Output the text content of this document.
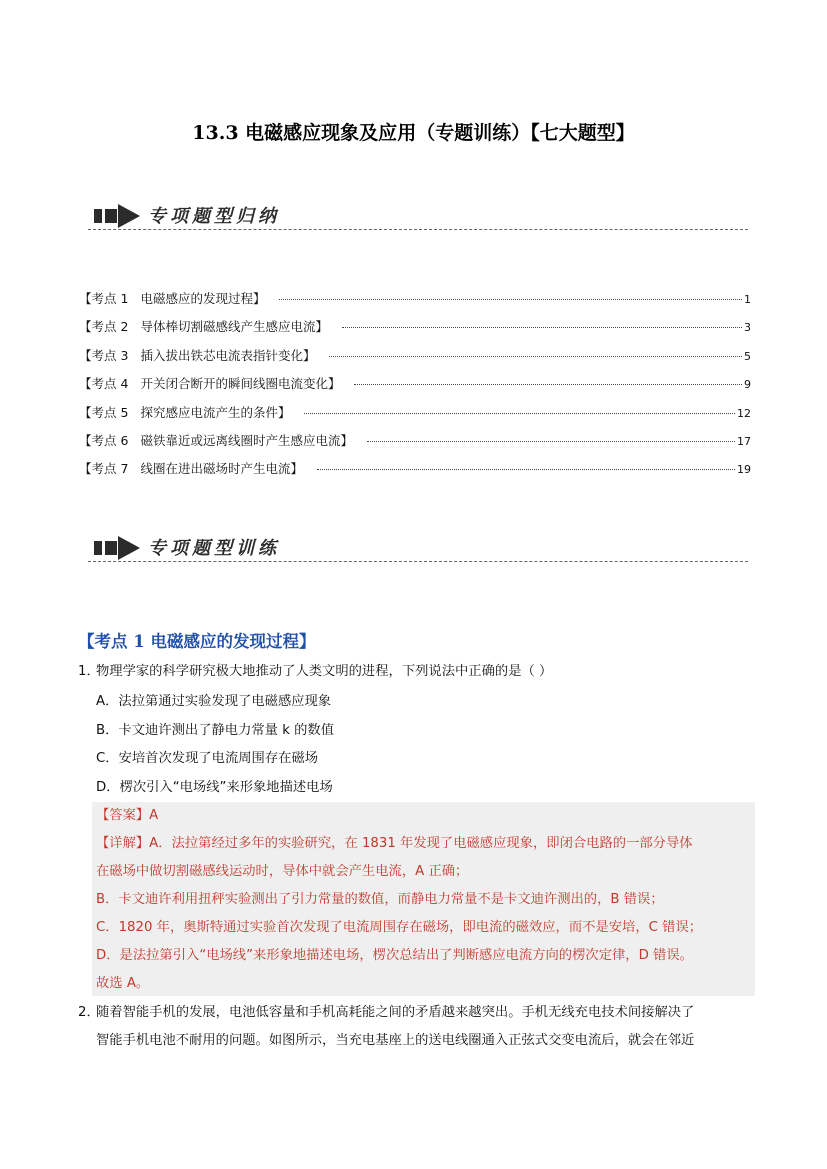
13.3 电磁感应现象及应用（专题训练）【七大题型】
专项题型归纳
【考点 1 电磁感应的发现过程】	1
【考点 2 导体棒切割磁感线产生感应电流】	3
【考点 3 插入拔出铁芯电流表指针变化】	5
【考点 4 开关闭合断开的瞬间线圈电流变化】	9
【考点 5 探究感应电流产生的条件】	12
【考点 6 磁铁靠近或远离线圈时产生感应电流】	17
【考点 7 线圈在进出磁场时产生电流】	19
专项题型训练
【考点 1 电磁感应的发现过程】
1．
物理学家的科学研究极大地推动了人类文明的进程，下列说法中正确的是（ ）
A．法拉第通过实验发现了电磁感应现象
B．卡文迪许测出了静电力常量 k 的数值
C．安培首次发现了电流周围存在磁场
D．楞次引入“电场线”来形象地描述电场
【答案】A
【详解】A．法拉第经过多年的实验研究，在 1831 年发现了电磁感应现象，即闭合电路的一部分导体
在磁场中做切割磁感线运动时，导体中就会产生电流，A 正确；
B．卡文迪许利用扭秤实验测出了引力常量的数值，而静电力常量不是卡文迪许测出的，B 错误；
C．1820 年，奥斯特通过实验首次发现了电流周围存在磁场，即电流的磁效应，而不是安培，C 错误；
D．是法拉第引入“电场线”来形象地描述电场，楞次总结出了判断感应电流方向的楞次定律，D 错误。
故选 A。
2．
随着智能手机的发展，电池低容量和手机高耗能之间的矛盾越来越突出。手机无线充电技术间接解决了
智能手机电池不耐用的问题。如图所示，当充电基座上的送电线圈通入正弦式交变电流后，就会在邻近
